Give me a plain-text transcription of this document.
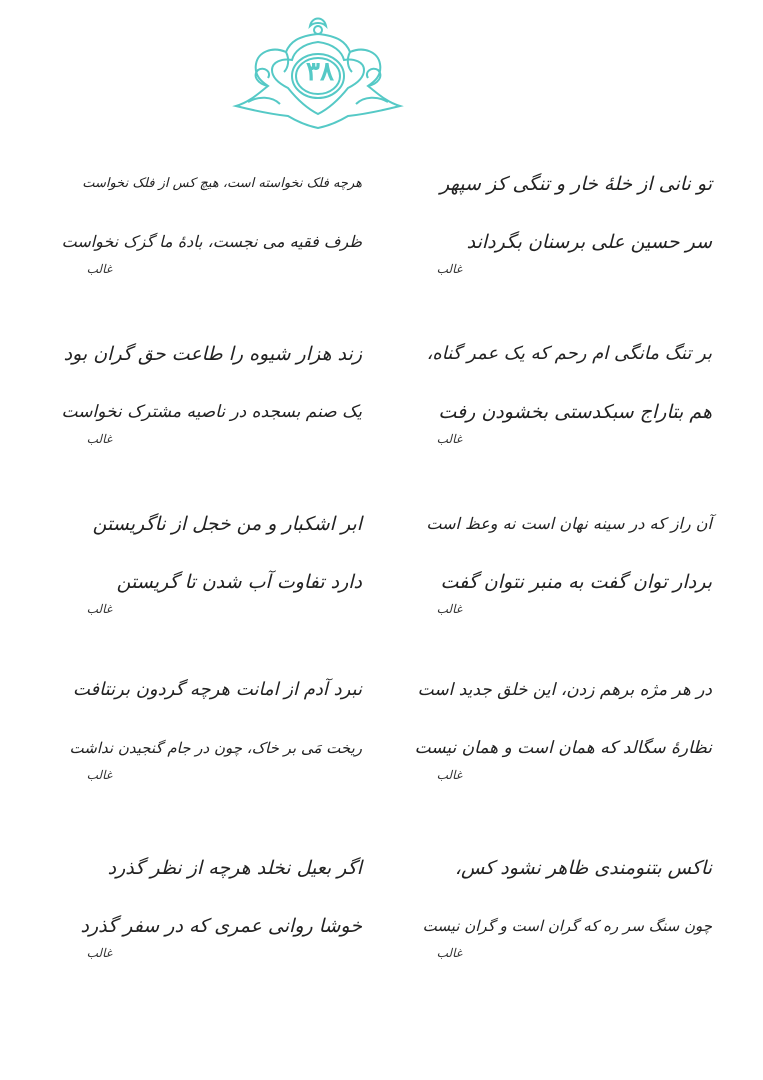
۳۸
تو نانی از خلهٔ خار و تنگی کز سپهر
سر حسین علی برسنان بگرداند
غالب
هرچه فلک نخواسته است، هیچ کس از فلک نخواست
ظرف فقیه می نجست، بادهٔ ما گزک نخواست
غالب
بر تنگ مانگی ام رحم که یک عمر گناه،
هم بتاراج سبکدستی بخشودن رفت
غالب
زند هزار شیوه را طاعت حق گران بود
یک صنم بسجده در ناصیه مشترک نخواست
غالب
آن راز که در سینه نهان است نه وعظ است
بردار توان گفت به منبر نتوان گفت
غالب
ابر اشکبار و من خجل از ناگریستن
دارد تفاوت آب شدن تا گریستن
غالب
در هر مژه برهم زدن، این خلق جدید است
نظارهٔ سگالد که همان است و همان نیست
غالب
نبرد آدم از امانت هرچه گردون برنتافت
ریخت مَی بر خاک، چون در جام گنجیدن نداشت
غالب
ناکس بتنومندی ظاهر نشود کس،
چون سنگ سر ره که گران است و گران نیست
غالب
اگر بعیل نخلد هرچه از نظر گذرد
خوشا روانی عمری که در سفر گذرد
غالب
